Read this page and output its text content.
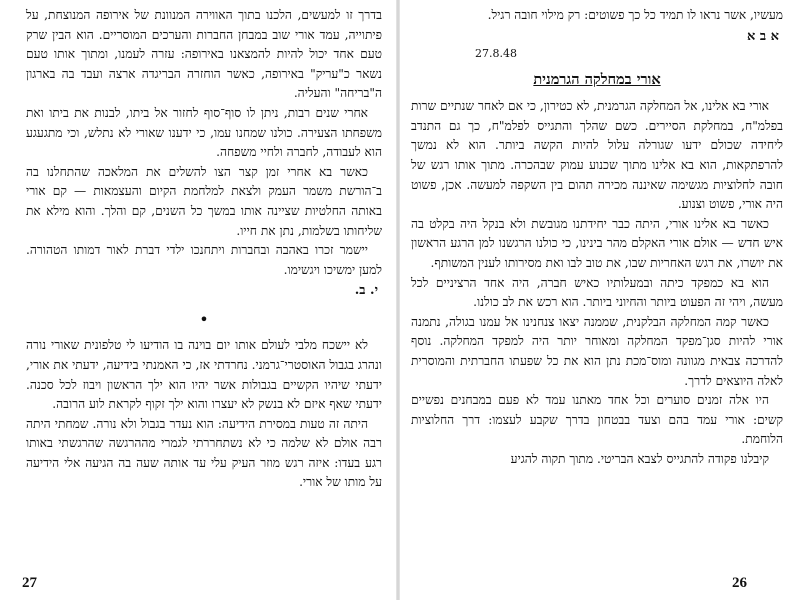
בדרך זו למעשים, הלכנו בתוך האווירה המנוונת של אירופה המנוצחת, על פיתוייה, עמד אורי שוב במבחן החברות והערכים המוסריים. הוא הבין שרק טעם אחד יכול להיות להמצאנו באירופה: עזרה לעמנו, ומתוך אותו טעם נשאר כ"עריק" באירופה, כאשר הוחזרה הבריגדה ארצה ועבד בה בארגון ה"בריחה" והעליה.

אחרי שנים רבות, ניתן לו סוף־סוף לחזור אל ביתו, לבנות את ביתו ואת משפחתו הצעירה. כולנו שמחנו עמו, כי ידענו שאורי לא נתלש, וכי מתגעגע הוא לעבודה, לחברה ולחיי משפחה.

כאשר בא אחרי זמן קצר הצו להשלים את המלאכה שהתחלנו בה ב־הורשת משמר העמק ולצאת למלחמת הקיום והעצמאות — קם אורי באותה החלטיות שציינה אותו במשך כל השנים, קם והלך. והוא מילא את שליחותו בשלמות, נתן את חייו.

יישמר זכרו באהבה ובחברות ויתחנכו ילדי דברת לאור דמותו הטהורה. למען ימשיכו ויגשימו.

י. ב.
•

לא יישכח מלבי לעולם אותו יום בוינה בו הודיעו לי טלפונית שאורי נורה ונהרג בגבול האוסטרי־גרמני. נחרדתי אז, כי האמנתי בידיעה, ידעתי את אורי, ידעתי שיהיו הקשיים בגבולות אשר יהיו הוא ילך הראשון ויבוז לכל סכנה. ידעתי שאף איזם לא בנשק לא יעצרו והוא ילך זקוף לקראת לוע הרובה.

היתה זה טעות במסירת הידיעה: הוא נעדר בגבול ולא נורה. שמחתי היתה רבה אולם לא שלמה כי לא נשתחררתי לגמרי מההרגשה שהרגשתי באותו רגע בעדו: איזה רגש מוזר העיק עלי עד אותה שעה בה הגיעה אלי הידיעה על מותו של אורי.

27

מעשיו, אשר נראו לו תמיד כל כך פשוטים: רק מילוי חובה רגיל.

א ב א
27.8.48
אורי במחלקה הגרמנית

אורי בא אלינו, אל המחלקה הגרמנית, לא כטירון, כי אם לאחר שנתיים שרות בפלמ"ח, במחלקת הסיירים. כשם שהלך והתגייס לפלמ"ח, כך גם התנדב ליחידה שכולם ידעו שגורלה עלול להיות הקשה ביותר. הוא לא נמשך להרפתקאות, הוא בא אלינו מתוך שכנוע עמוק שבהכרה. מתוך אותו רגש של חובה לחלוציות מגשימה שאיננה מכירה תהום בין השקפה למעשה. אכן, פשוט היה אורי, פשוט וצנוע.

כאשר בא אלינו אורי, היתה כבר יחידתנו מגובשת ולא בנקל היה בקלט בה איש חדש — אולם אורי האקלם מהר בינינו, כי כולנו הרגשנו למן הרגע הראשון את יושרו, את רגש האחריות שבו, את טוב לבו ואת מסירותו לענין המשותף.

הוא בא כמפקד כיתה ובמעלותיו כאיש חברה, היה אחד הרציניים לכל מעשה, ויהי זה הפעוט ביותר והחיוני ביותר. הוא רכש את לב כולנו.

כאשר קמה המחלקה הבלקנית, שממנה יצאו צנחנינו אל עמנו בגולה, נתמנה אורי להיות סגן־מפקד המחלקה ומאוחר יותר היה למפקד המחלקה. נוסף להדרכה צבאית מגוונה ומוס־מכת נתן הוא את כל שפעתו החברתית והמוסרית לאלה היוצאים לדרך.

היו אלה זמנים סוערים וכל אחד מאתנו עמד לא פעם במבחנים נפשיים קשים: אורי עמד בהם וצעד בבטחון בדרך שקבע לעצמו: דרך החלוציות הלוחמת.

קיבלנו פקודה להתגייס לצבא הבריטי. מתוך תקוה להגיע

26
